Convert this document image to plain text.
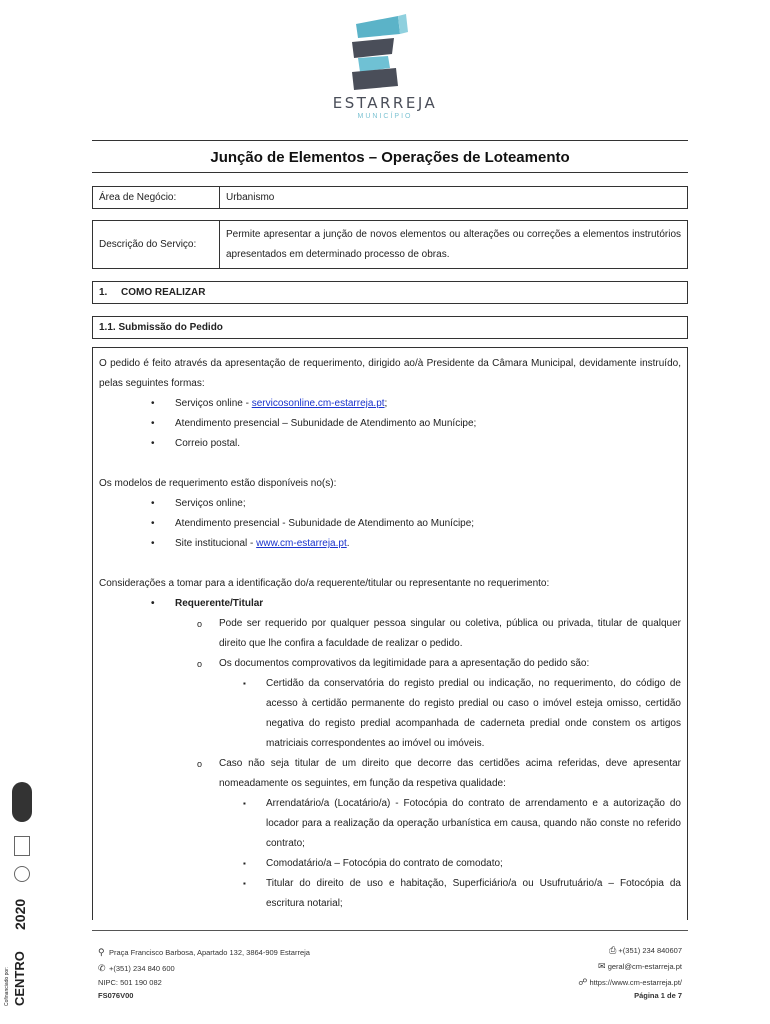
ESTARREJA
MUNICÍPIO
Junção de Elementos – Operações de Loteamento
Área de Negócio:	Urbanismo
Descrição do Serviço:
Permite apresentar a junção de novos elementos ou alterações ou correções a elementos instrutórios apresentados em determinado processo de obras.
1.	COMO REALIZAR
1.1. Submissão do Pedido

O pedido é feito através da apresentação de requerimento, dirigido ao/à Presidente da Câmara Municipal, devidamente instruído, pelas seguintes formas:

• Serviços online - servicosonline.cm-estarreja.pt;
• Atendimento presencial – Subunidade de Atendimento ao Munícipe;
• Correio postal.

Os modelos de requerimento estão disponíveis no(s):

• Serviços online;
• Atendimento presencial - Subunidade de Atendimento ao Munícipe;
• Site institucional - www.cm-estarreja.pt.

Considerações a tomar para a identificação do/a requerente/titular ou representante no requerimento:

• Requerente/Titular
o Pode ser requerido por qualquer pessoa singular ou coletiva, pública ou privada, titular de qualquer direito que lhe confira a faculdade de realizar o pedido.
o Os documentos comprovativos da legitimidade para a apresentação do pedido são:
▪ Certidão da conservatória do registo predial ou indicação, no requerimento, do código de acesso à certidão permanente do registo predial ou caso o imóvel esteja omisso, certidão negativa do registo predial acompanhada de caderneta predial onde constem os artigos matriciais correspondentes ao imóvel ou imóveis.
o Caso não seja titular de um direito que decorre das certidões acima referidas, deve apresentar nomeadamente os seguintes, em função da respetiva qualidade:
▪ Arrendatário/a (Locatário/a) - Fotocópia do contrato de arrendamento e a autorização do locador para a realização da operação urbanística em causa, quando não conste no referido contrato;
▪ Comodatário/a – Fotocópia do contrato de comodato;
▪ Titular do direito de uso e habitação, Superficiário/a ou Usufrutuário/a – Fotocópia da escritura notarial;
⚲ Praça Francisco Barbosa, Apartado 132, 3864-909 Estarreja
✆ +(351) 234 840 600
NIPC: 501 190 082
FS076V00
⎙ +(351) 234 840607
✉ geral@cm-estarreja.pt
☍ https://www.cm-estarreja.pt/
Página 1 de 7
2020
CENTRO
Cofinanciado por:
